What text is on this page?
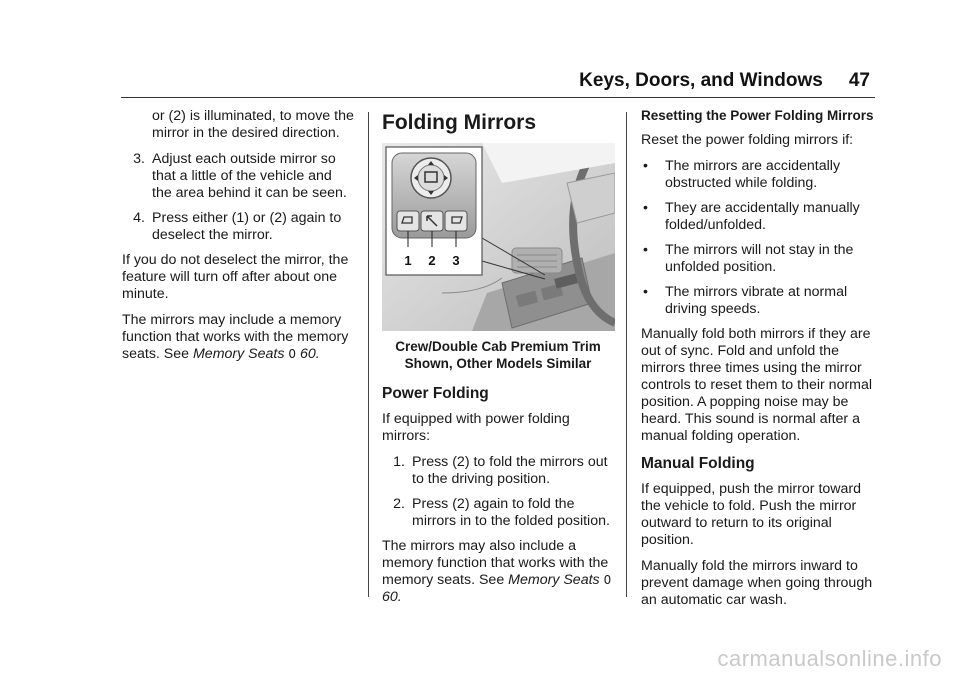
Keys, Doors, and Windows 47

or (2) is illuminated, to move the mirror in the desired direction.

3. Adjust each outside mirror so that a little of the vehicle and the area behind it can be seen.
4. Press either (1) or (2) again to deselect the mirror.

If you do not deselect the mirror, the feature will turn off after about one minute.

The mirrors may include a memory function that works with the memory seats. See Memory Seats 0 60.

Folding Mirrors
1 2 3
Crew/Double Cab Premium Trim
Shown, Other Models Similar
Power Folding

If equipped with power folding mirrors:

1. Press (2) to fold the mirrors out to the driving position.
2. Press (2) again to fold the mirrors in to the folded position.

The mirrors may also include a memory function that works with the memory seats. See Memory Seats 0 60.

Resetting the Power Folding Mirrors

Reset the power folding mirrors if:

•	The mirrors are accidentally obstructed while folding.
•	They are accidentally manually folded/unfolded.
•	The mirrors will not stay in the unfolded position.
•	The mirrors vibrate at normal driving speeds.

Manually fold both mirrors if they are out of sync. Fold and unfold the mirrors three times using the mirror controls to reset them to their normal position. A popping noise may be heard. This sound is normal after a manual folding operation.

Manual Folding

If equipped, push the mirror toward the vehicle to fold. Push the mirror outward to return to its original position.

Manually fold the mirrors inward to prevent damage when going through an automatic car wash.

carmanualsonline.info
